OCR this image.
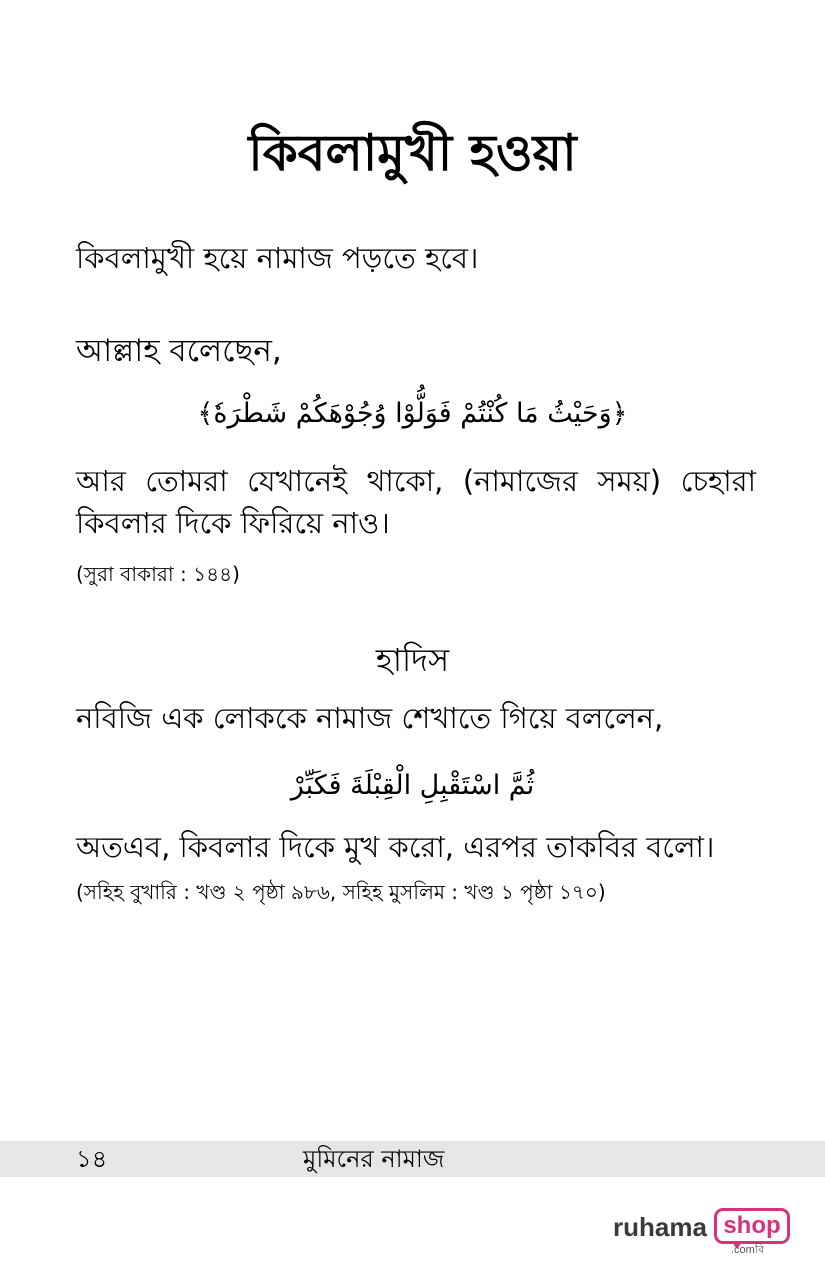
কিবলামুখী হওয়া
কিবলামুখী হয়ে নামাজ পড়তে হবে।
আল্লাহ বলেছেন,
﴿وَحَيْثُ مَا كُنْتُمْ فَوَلُّوْا وُجُوْهَكُمْ شَطْرَهٗ﴾
আর তোমরা যেখানেই থাকো, (নামাজের সময়) চেহারা কিবলার দিকে ফিরিয়ে নাও।
(সুরা বাকারা : ১৪৪)
হাদিস
নবিজি এক লোককে নামাজ শেখাতে গিয়ে বললেন,
ثُمَّ اسْتَقْبِلِ الْقِبْلَةَ فَكَبِّرْ
অতএব, কিবলার দিকে মুখ করো, এরপর তাকবির বলো।
(সহিহ বুখারি : খণ্ড ২ পৃষ্ঠা ৯৮৬, সহিহ মুসলিম : খণ্ড ১ পৃষ্ঠা ১৭০)
১৪	মুমিনের নামাজ
ruhama shop
.comবি
